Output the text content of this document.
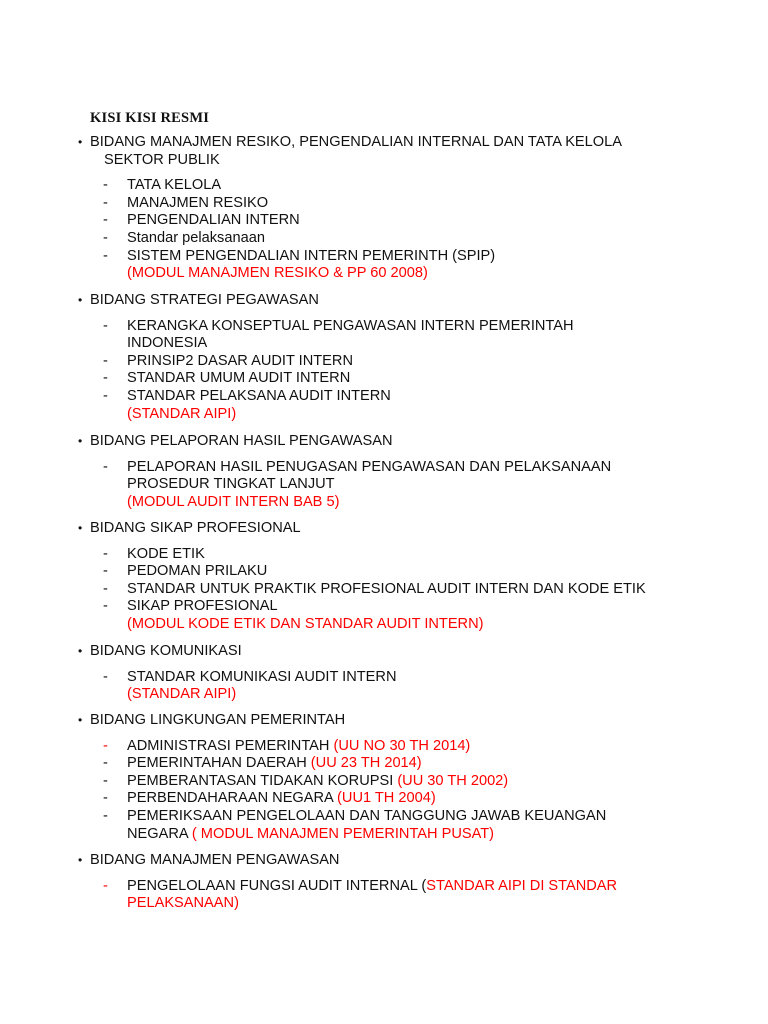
KISI KISI RESMI
• BIDANG MANAJMEN RESIKO, PENGENDALIAN INTERNAL DAN TATA KELOLA
SEKTOR PUBLIK
- TATA KELOLA
- MANAJMEN RESIKO
- PENGENDALIAN INTERN
- Standar pelaksanaan
- SISTEM PENGENDALIAN INTERN PEMERINTH (SPIP)
(MODUL MANAJMEN RESIKO & PP 60 2008)
• BIDANG STRATEGI PEGAWASAN
- KERANGKA KONSEPTUAL PENGAWASAN INTERN PEMERINTAH
INDONESIA
- PRINSIP2 DASAR AUDIT INTERN
- STANDAR UMUM AUDIT INTERN
- STANDAR PELAKSANA AUDIT INTERN
(STANDAR AIPI)
• BIDANG PELAPORAN HASIL PENGAWASAN
- PELAPORAN HASIL PENUGASAN PENGAWASAN DAN PELAKSANAAN
PROSEDUR TINGKAT LANJUT
(MODUL AUDIT INTERN BAB 5)
• BIDANG SIKAP PROFESIONAL
- KODE ETIK
- PEDOMAN PRILAKU
- STANDAR UNTUK PRAKTIK PROFESIONAL AUDIT INTERN DAN KODE ETIK
- SIKAP PROFESIONAL
(MODUL KODE ETIK DAN STANDAR AUDIT INTERN)
• BIDANG KOMUNIKASI
- STANDAR KOMUNIKASI AUDIT INTERN
(STANDAR AIPI)
• BIDANG LINGKUNGAN PEMERINTAH
- ADMINISTRASI PEMERINTAH (UU NO 30 TH 2014)
- PEMERINTAHAN DAERAH (UU 23 TH 2014)
- PEMBERANTASAN TIDAKAN KORUPSI (UU 30 TH 2002)
- PERBENDAHARAAN NEGARA (UU1 TH 2004)
- PEMERIKSAAN PENGELOLAAN DAN TANGGUNG JAWAB KEUANGAN
NEGARA ( MODUL MANAJMEN PEMERINTAH PUSAT)
• BIDANG MANAJMEN PENGAWASAN
- PENGELOLAAN FUNGSI AUDIT INTERNAL (STANDAR AIPI DI STANDAR
PELAKSANAAN)
